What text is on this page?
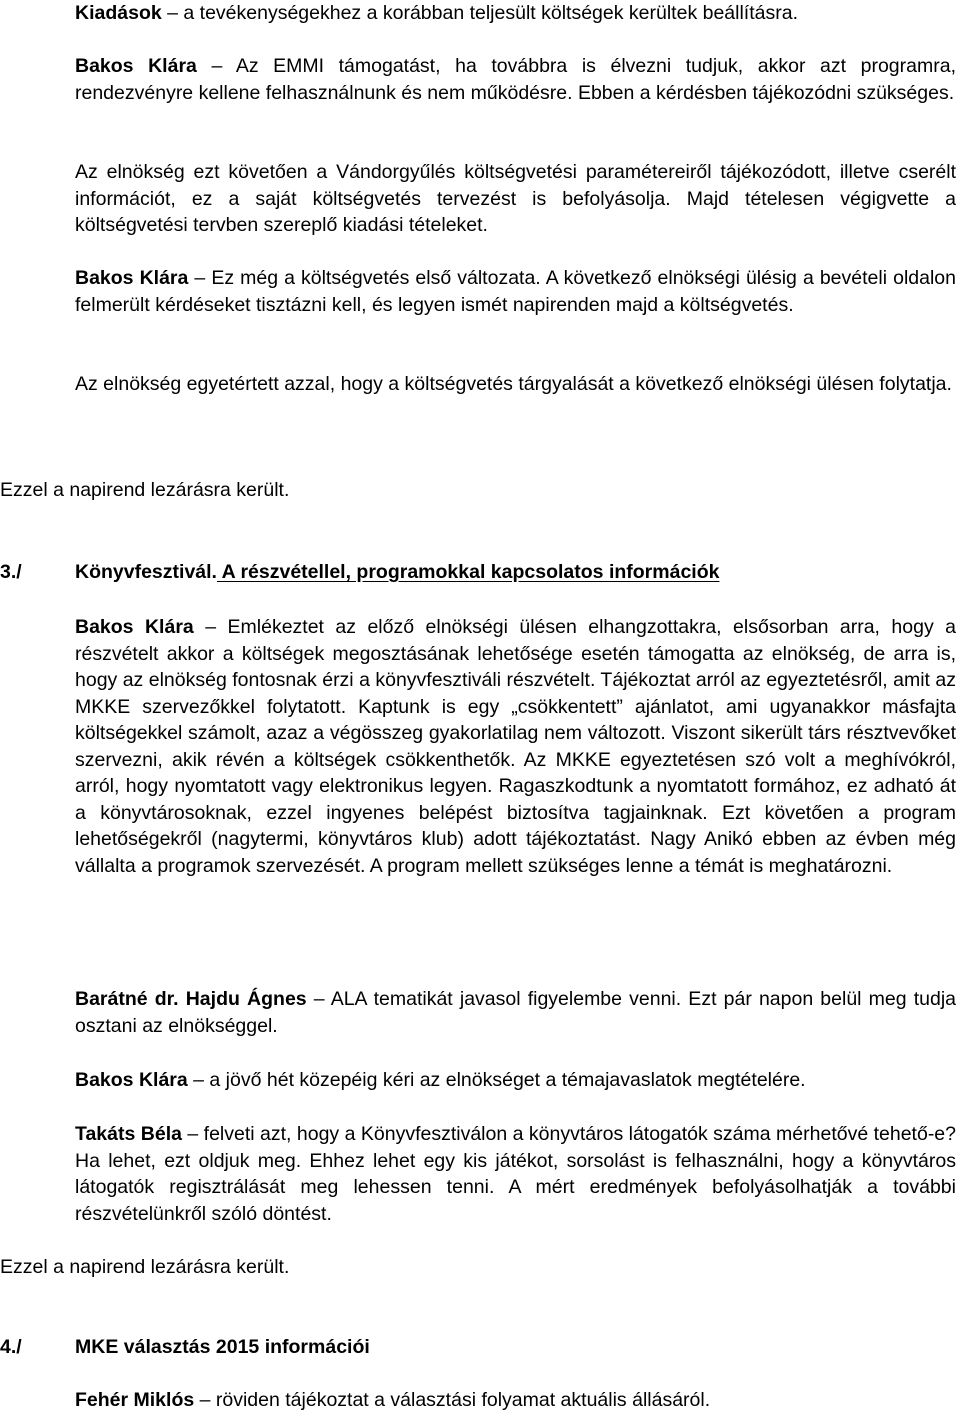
Kiadások – a tevékenységekhez a korábban teljesült költségek kerültek beállításra.

Bakos Klára – Az EMMI támogatást, ha továbbra is élvezni tudjuk, akkor azt programra, rendezvényre kellene felhasználnunk és nem működésre. Ebben a kérdésben tájékozódni szükséges.

Az elnökség ezt követően a Vándorgyűlés költségvetési paramétereiről tájékozódott, illetve cserélt információt, ez a saját költségvetés tervezést is befolyásolja. Majd tételesen végigvette a költségvetési tervben szereplő kiadási tételeket.

Bakos Klára – Ez még a költségvetés első változata. A következő elnökségi ülésig a bevételi oldalon felmerült kérdéseket tisztázni kell, és legyen ismét napirenden majd a költségvetés.

Az elnökség egyetértett azzal, hogy a költségvetés tárgyalását a következő elnökségi ülésen folytatja.

Ezzel a napirend lezárásra került.

3./	Könyvfesztivál. A részvétellel, programokkal kapcsolatos információk

Bakos Klára – Emlékeztet az előző elnökségi ülésen elhangzottakra, elsősorban arra, hogy a részvételt akkor a költségek megosztásának lehetősége esetén támogatta az elnökség, de arra is, hogy az elnökség fontosnak érzi a könyvfesztiváli részvételt. Tájékoztat arról az egyeztetésről, amit az MKKE szervezőkkel folytatott. Kaptunk is egy „csökkentett” ajánlatot, ami ugyanakkor másfajta költségekkel számolt, azaz a végösszeg gyakorlatilag nem változott. Viszont sikerült társ résztvevőket szervezni, akik révén a költségek csökkenthetők. Az MKKE egyeztetésen szó volt a meghívókról, arról, hogy nyomtatott vagy elektronikus legyen. Ragaszkodtunk a nyomtatott formához, ez adható át a könyvtárosoknak, ezzel ingyenes belépést biztosítva tagjainknak. Ezt követően a program lehetőségekről (nagytermi, könyvtáros klub) adott tájékoztatást. Nagy Anikó ebben az évben még vállalta a programok szervezését. A program mellett szükséges lenne a témát is meghatározni.

Barátné dr. Hajdu Ágnes – ALA tematikát javasol figyelembe venni. Ezt pár napon belül meg tudja osztani az elnökséggel.

Bakos Klára – a jövő hét közepéig kéri az elnökséget a témajavaslatok megtételére.

Takáts Béla – felveti azt, hogy a Könyvfesztiválon a könyvtáros látogatók száma mérhetővé tehető-e? Ha lehet, ezt oldjuk meg. Ehhez lehet egy kis játékot, sorsolást is felhasználni, hogy a könyvtáros látogatók regisztrálását meg lehessen tenni. A mért eredmények befolyásolhatják a további részvételünkről szóló döntést.

Ezzel a napirend lezárásra került.

4./	MKE választás 2015 információi

Fehér Miklós – röviden tájékoztat a választási folyamat aktuális állásáról.
